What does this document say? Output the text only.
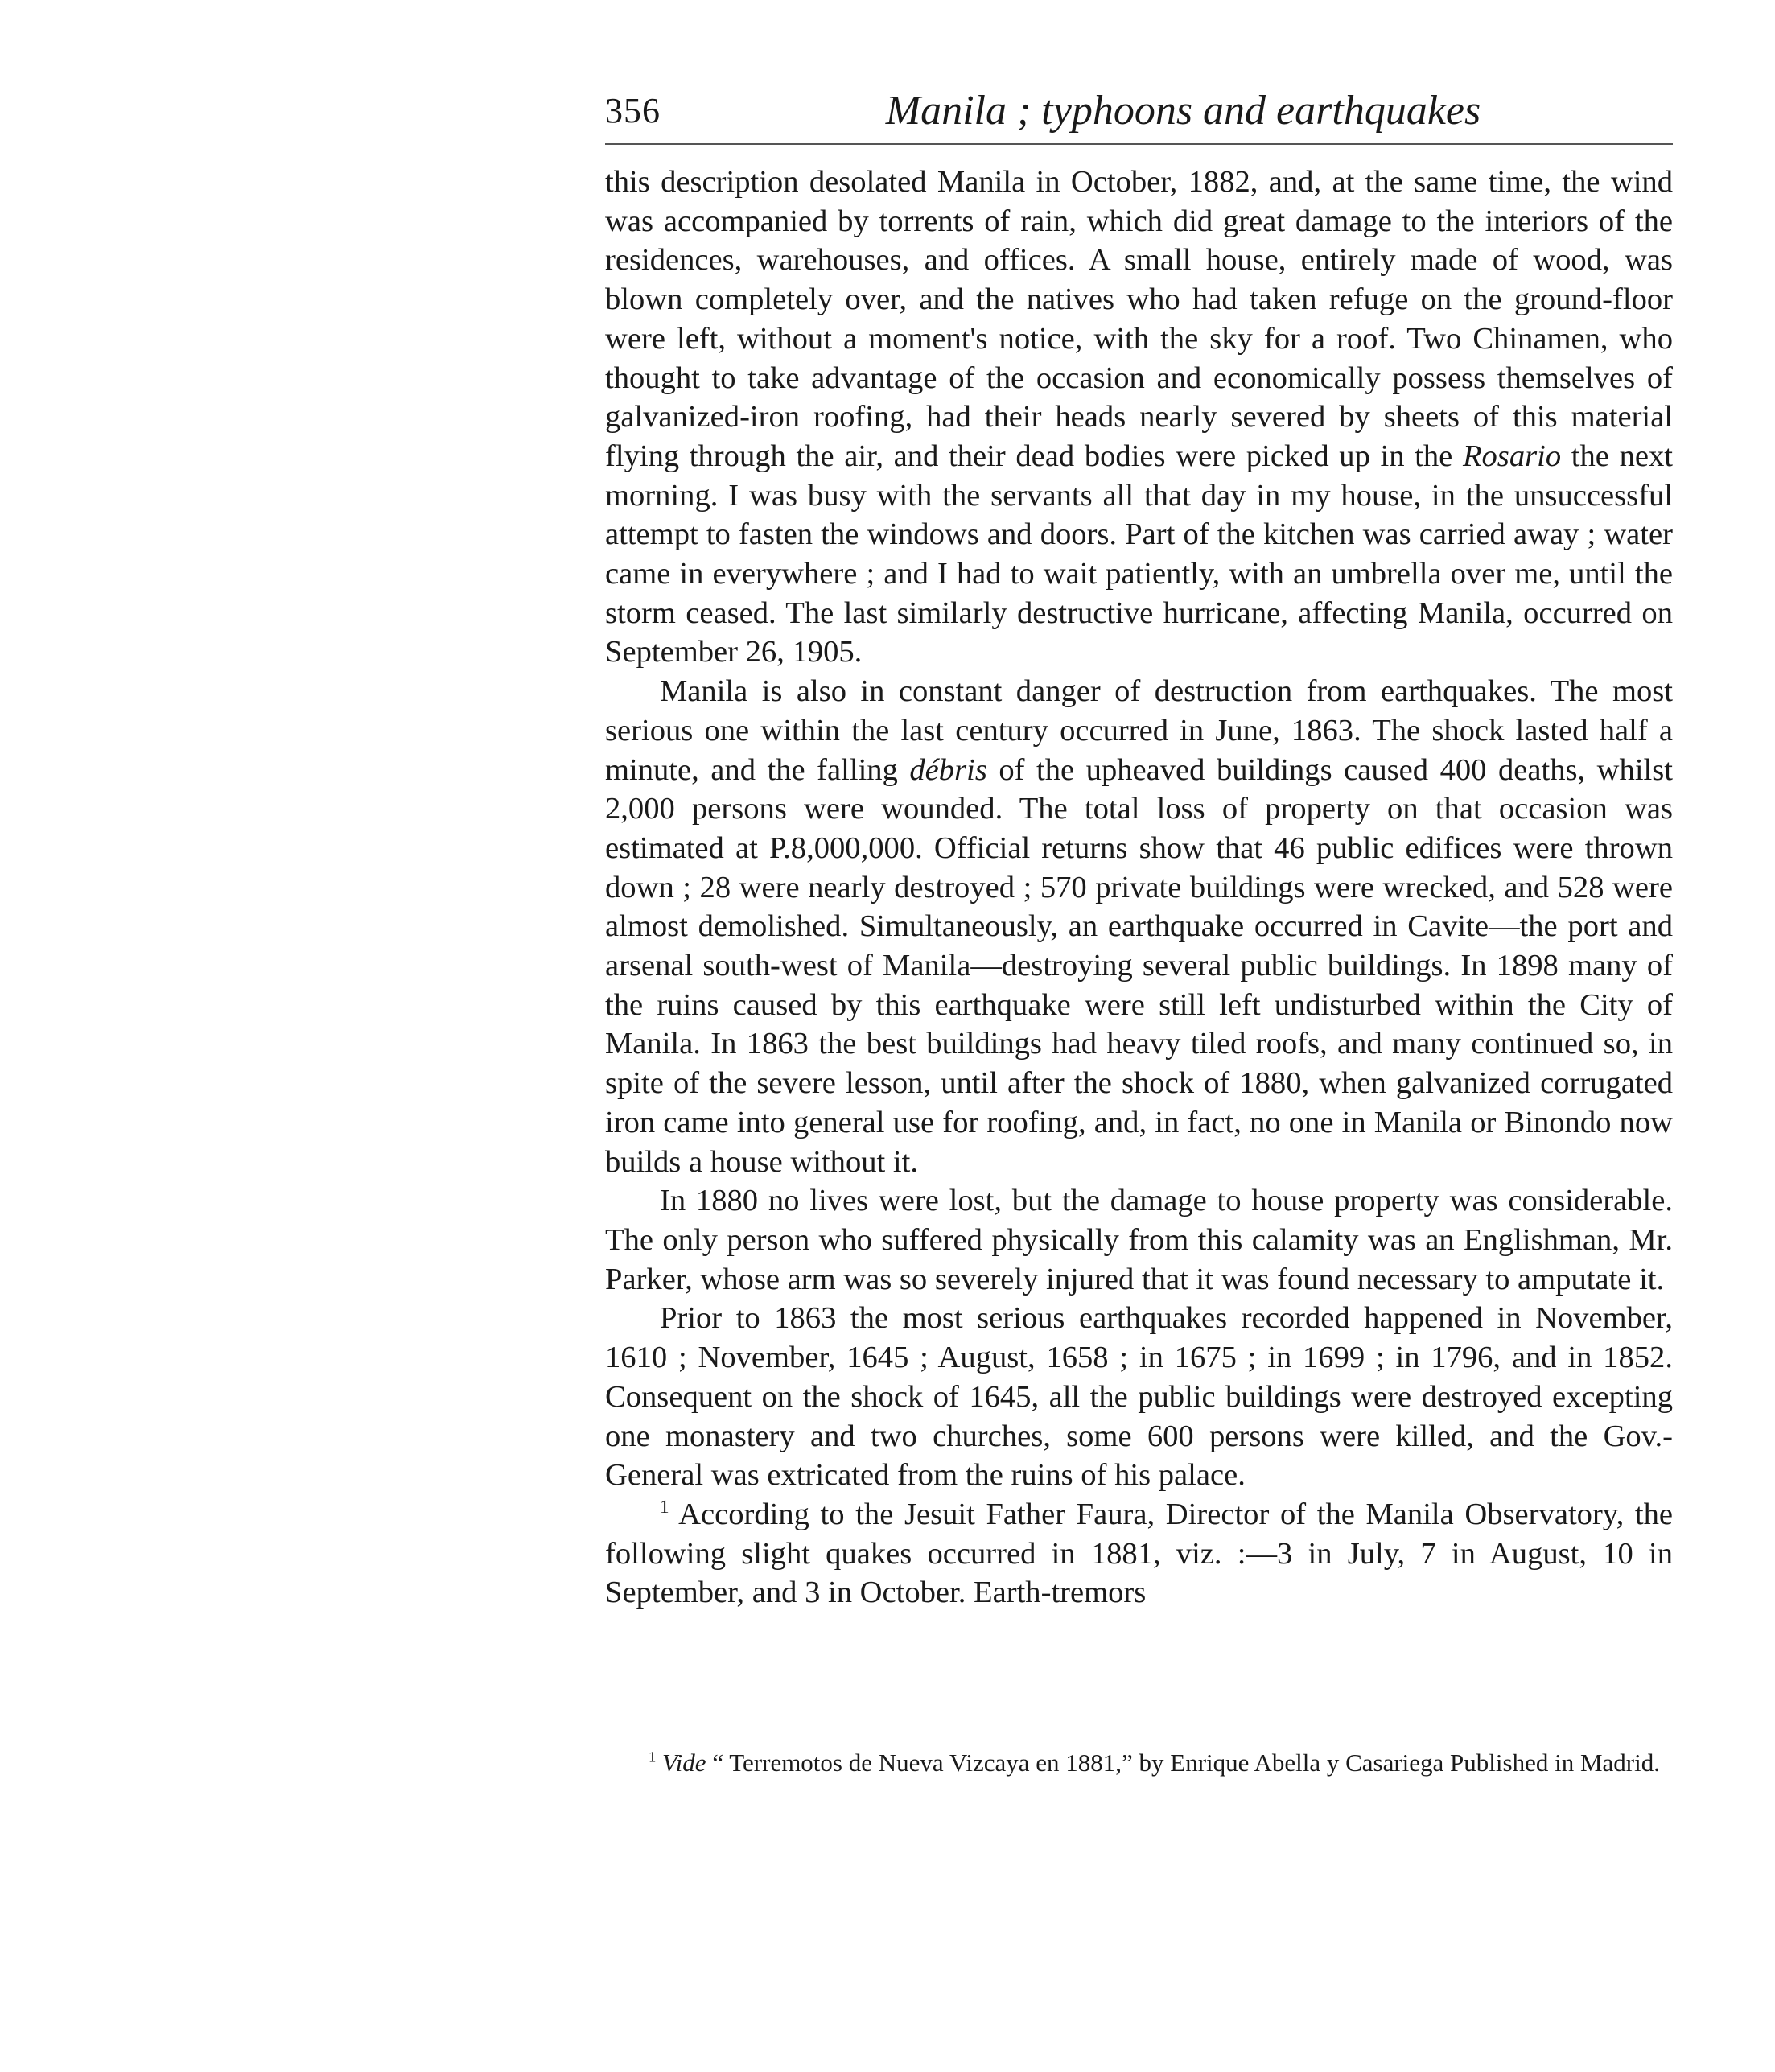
356	Manila ; typhoons and earthquakes

this description desolated Manila in October, 1882, and, at the same time, the wind was accompanied by torrents of rain, which did great damage to the interiors of the residences, warehouses, and offices. A small house, entirely made of wood, was blown completely over, and the natives who had taken refuge on the ground-floor were left, without a moment's notice, with the sky for a roof. Two Chinamen, who thought to take advantage of the occasion and economically possess themselves of galvanized-iron roofing, had their heads nearly severed by sheets of this material flying through the air, and their dead bodies were picked up in the Rosario the next morning. I was busy with the servants all that day in my house, in the unsuccessful attempt to fasten the windows and doors. Part of the kitchen was carried away ; water came in everywhere ; and I had to wait patiently, with an umbrella over me, until the storm ceased. The last similarly destructive hurricane, affecting Manila, occurred on September 26, 1905.

Manila is also in constant danger of destruction from earthquakes. The most serious one within the last century occurred in June, 1863. The shock lasted half a minute, and the falling débris of the upheaved buildings caused 400 deaths, whilst 2,000 persons were wounded. The total loss of property on that occasion was estimated at P.8,000,000. Official returns show that 46 public edifices were thrown down ; 28 were nearly destroyed ; 570 private buildings were wrecked, and 528 were almost demolished. Simultaneously, an earthquake occurred in Cavite—the port and arsenal south-west of Manila—destroying several public buildings. In 1898 many of the ruins caused by this earthquake were still left undisturbed within the City of Manila. In 1863 the best buildings had heavy tiled roofs, and many continued so, in spite of the severe lesson, until after the shock of 1880, when galvanized corrugated iron came into general use for roofing, and, in fact, no one in Manila or Binondo now builds a house without it.

In 1880 no lives were lost, but the damage to house property was considerable. The only person who suffered physically from this calamity was an Englishman, Mr. Parker, whose arm was so severely injured that it was found necessary to amputate it.

Prior to 1863 the most serious earthquakes recorded happened in November, 1610 ; November, 1645 ; August, 1658 ; in 1675 ; in 1699 ; in 1796, and in 1852. Consequent on the shock of 1645, all the public buildings were destroyed excepting one monastery and two churches, some 600 persons were killed, and the Gov.-General was extricated from the ruins of his palace.

$^1$ According to the Jesuit Father Faura, Director of the Manila Observatory, the following slight quakes occurred in 1881, viz. :—3 in July, 7 in August, 10 in September, and 3 in October. Earth-tremors

$^1$ Vide “ Terremotos de Nueva Vizcaya en 1881,” by Enrique Abella y Casariega Published in Madrid.
